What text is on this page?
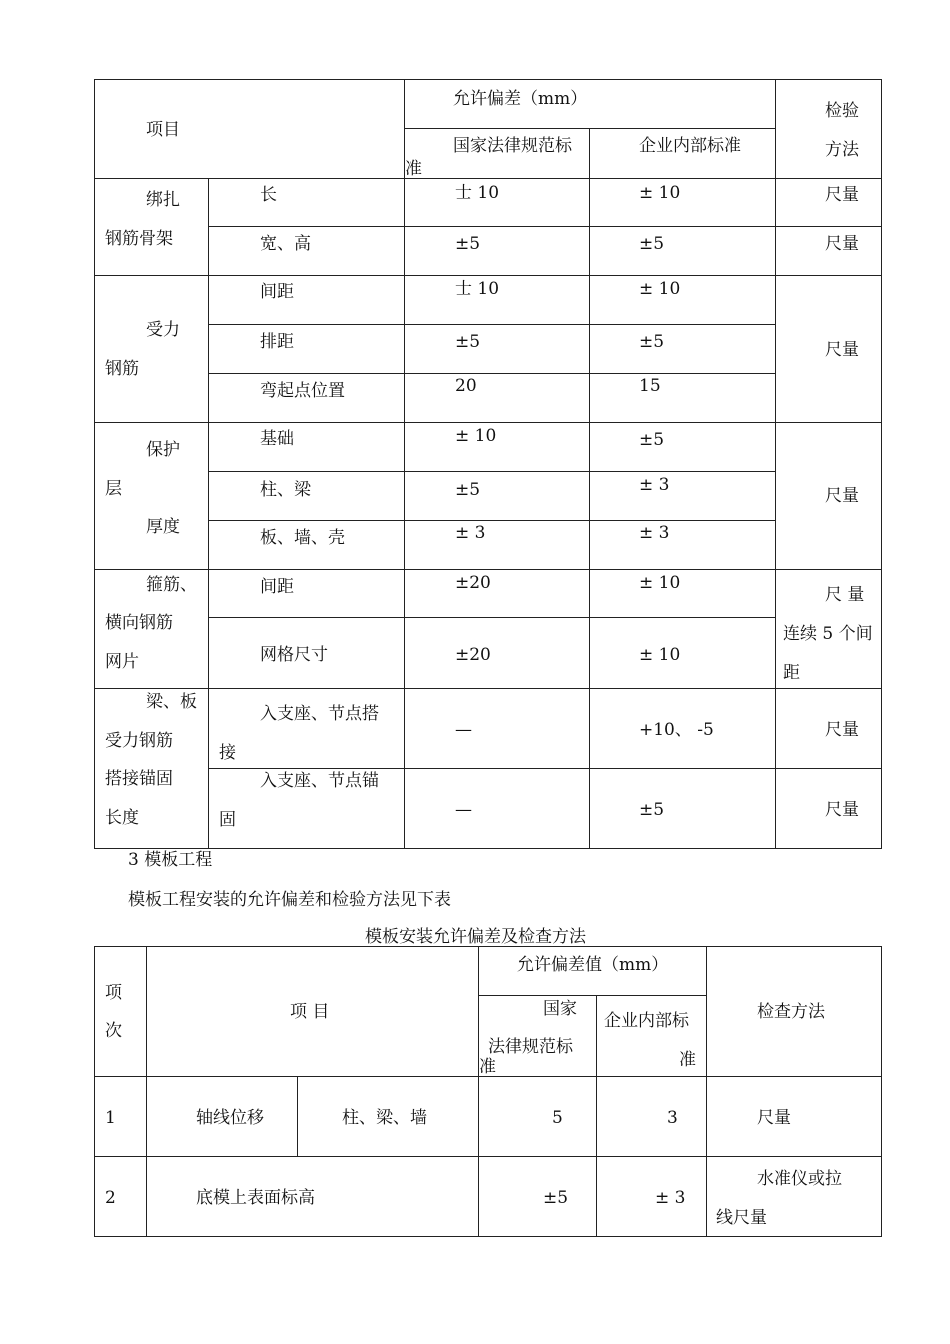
项目		允许偏差（mm）		检验
方法

		国家法律规范标
准	企业内部标准	

绑扎
钢筋骨架	长	士 10	± 10	尺量

	宽、高	±5	±5	尺量

受力
钢筋	间距	士 10	± 10	尺量

	排距	±5	±5	

	弯起点位置	20	15	

保护
层
厚度	基础	± 10	±5	尺量

	柱、梁	±5	± 3	

	板、墙、壳	± 3	± 3	

箍筋、
横向钢筋
网片	间距	±20	± 10	尺 量
连续 5 个间
距

	网格尺寸	±20	± 10	

梁、板
受力钢筋
搭接锚固
长度	入支座、节点搭
接	—	+10、 -5	尺量

	入支座、节点锚
固	—	±5	尺量
3 模板工程
模板工程安装的允许偏差和检验方法见下表
模板安装允许偏差及检查方法
项
次	项 目		允许偏差值（mm）		检查方法

			国家
法律规范标
准	企业内部标
准	

1	轴线位移	柱、梁、墙	5	3	尺量

2	底模上表面标高		±5	± 3	水准仪或拉
线尺量
